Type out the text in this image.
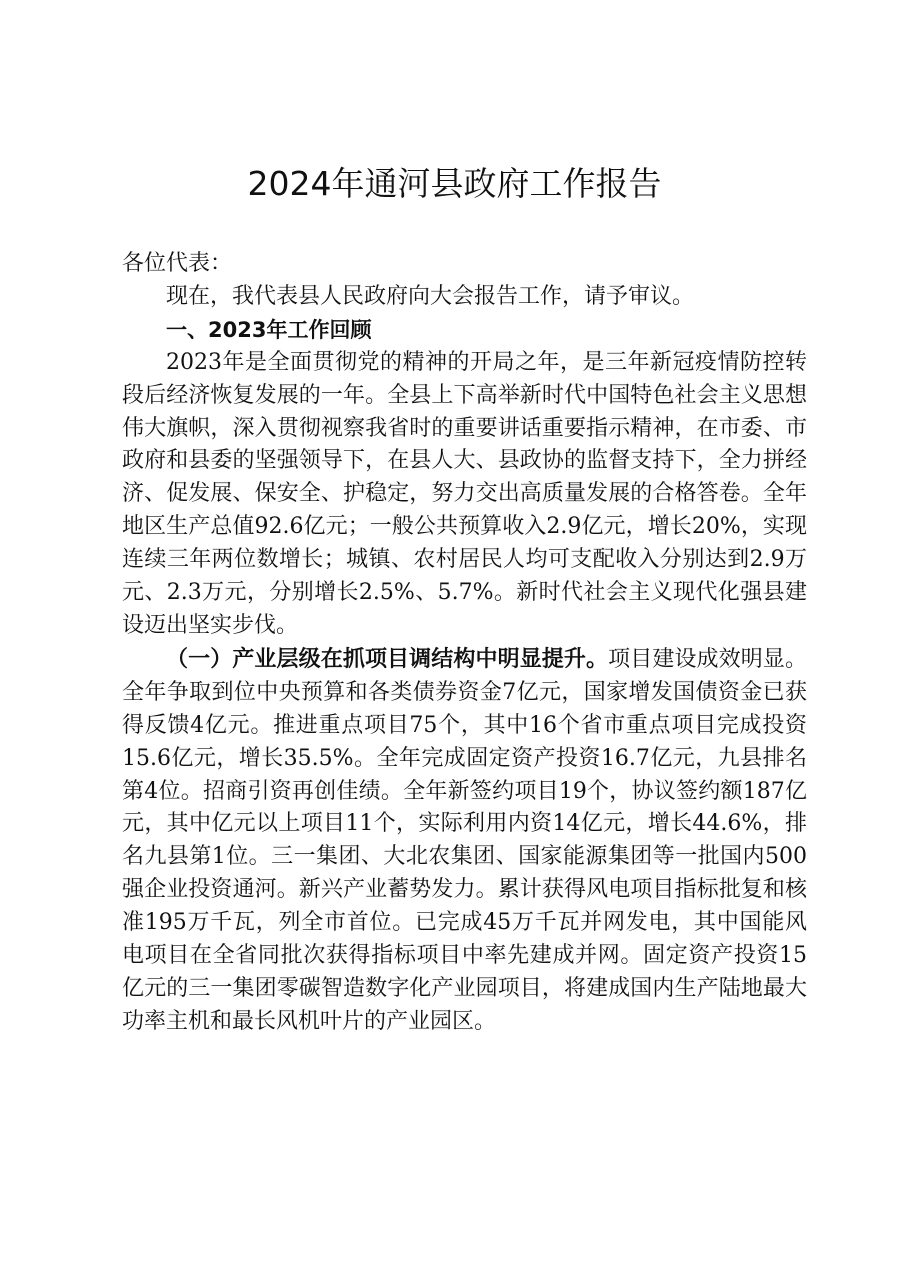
2024年通河县政府工作报告

各位代表：

现在，我代表县人民政府向大会报告工作，请予审议。

一、2023年工作回顾

2023年是全面贯彻党的精神的开局之年，是三年新冠疫情防控转段后经济恢复发展的一年。全县上下高举新时代中国特色社会主义思想伟大旗帜，深入贯彻视察我省时的重要讲话重要指示精神，在市委、市政府和县委的坚强领导下，在县人大、县政协的监督支持下，全力拼经济、促发展、保安全、护稳定，努力交出高质量发展的合格答卷。全年地区生产总值92.6亿元；一般公共预算收入2.9亿元，增长20%，实现连续三年两位数增长；城镇、农村居民人均可支配收入分别达到2.9万元、2.3万元，分别增长2.5%、5.7%。新时代社会主义现代化强县建设迈出坚实步伐。

（一）产业层级在抓项目调结构中明显提升。项目建设成效明显。全年争取到位中央预算和各类债券资金7亿元，国家增发国债资金已获得反馈4亿元。推进重点项目75个，其中16个省市重点项目完成投资15.6亿元，增长35.5%。全年完成固定资产投资16.7亿元，九县排名第4位。招商引资再创佳绩。全年新签约项目19个，协议签约额187亿元，其中亿元以上项目11个，实际利用内资14亿元，增长44.6%，排名九县第1位。三一集团、大北农集团、国家能源集团等一批国内500强企业投资通河。新兴产业蓄势发力。累计获得风电项目指标批复和核准195万千瓦，列全市首位。已完成45万千瓦并网发电，其中国能风电项目在全省同批次获得指标项目中率先建成并网。固定资产投资15亿元的三一集团零碳智造数字化产业园项目，将建成国内生产陆地最大功率主机和最长风机叶片的产业园区。
